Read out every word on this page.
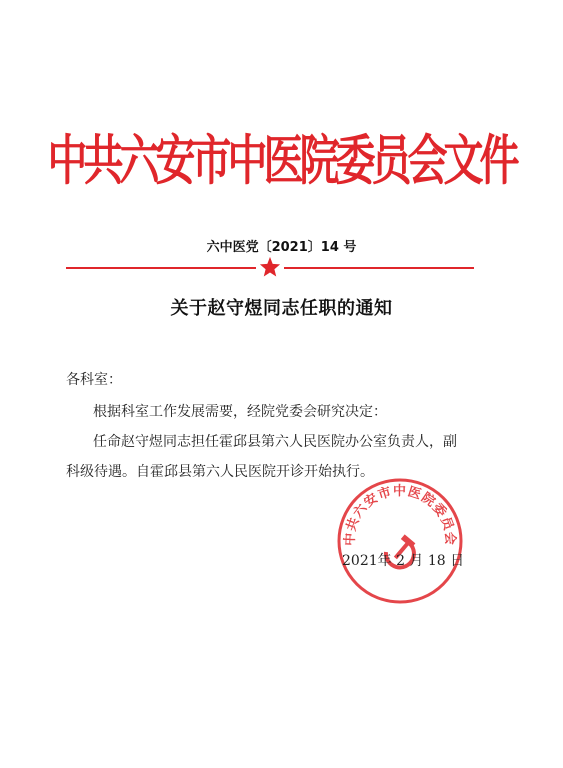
中共六安市中医院委员会文件
六中医党〔2021〕14 号
关于赵守煜同志任职的通知
各科室：
根据科室工作发展需要，经院党委会研究决定：
任命赵守煜同志担任霍邱县第六人民医院办公室负责人，副
科级待遇。自霍邱县第六人民医院开诊开始执行。
中共六安市中医院委员会
2021年 2 月 18 日
